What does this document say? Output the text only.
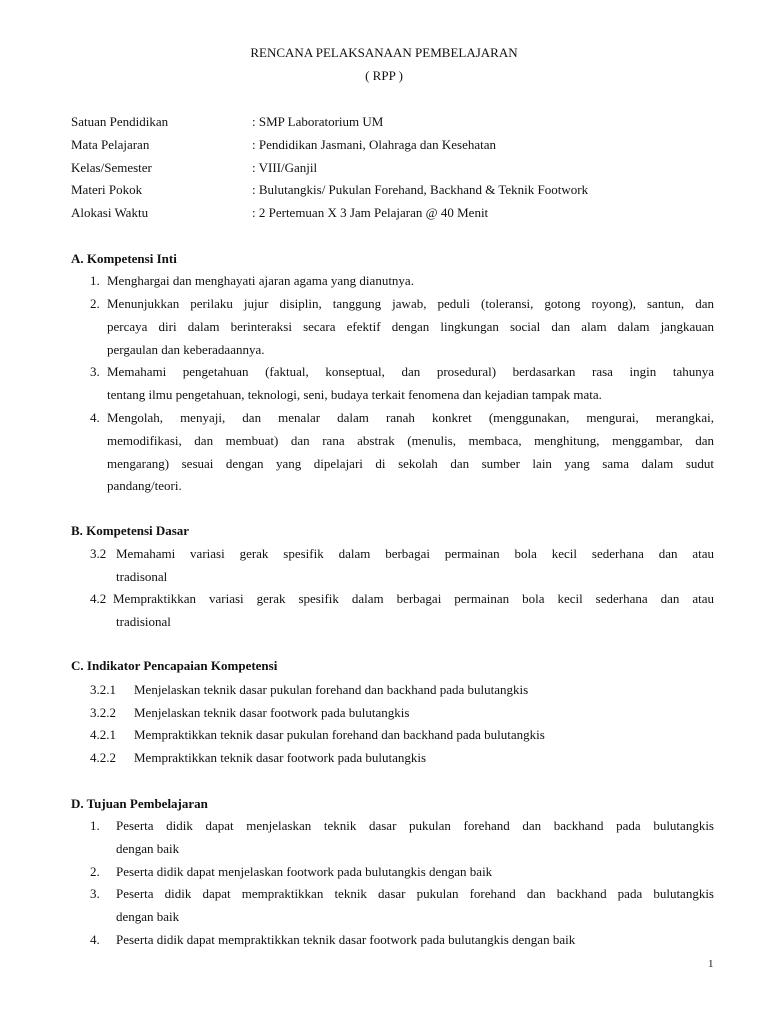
RENCANA PELAKSANAAN PEMBELAJARAN
( RPP )
Satuan Pendidikan	: SMP Laboratorium UM
Mata Pelajaran	: Pendidikan Jasmani, Olahraga dan Kesehatan
Kelas/Semester	: VIII/Ganjil
Materi Pokok	: Bulutangkis/ Pukulan Forehand, Backhand & Teknik Footwork
Alokasi Waktu	: 2 Pertemuan X 3 Jam Pelajaran @ 40 Menit
A. Kompetensi Inti
1. Menghargai dan menghayati ajaran agama yang dianutnya.
2. Menunjukkan perilaku jujur disiplin, tanggung jawab, peduli (toleransi, gotong royong), santun, dan
percaya diri dalam berinteraksi secara efektif dengan lingkungan social dan alam dalam jangkauan
pergaulan dan keberadaannya.
3. Memahami pengetahuan (faktual, konseptual, dan prosedural) berdasarkan rasa ingin tahunya
tentang ilmu pengetahuan, teknologi, seni, budaya terkait fenomena dan kejadian tampak mata.
4. Mengolah, menyaji, dan menalar dalam ranah konkret (menggunakan, mengurai, merangkai,
memodifikasi, dan membuat) dan rana abstrak (menulis, membaca, menghitung, menggambar, dan
mengarang) sesuai dengan yang dipelajari di sekolah dan sumber lain yang sama dalam sudut
pandang/teori.
B. Kompetensi Dasar
3.2 Memahami variasi gerak spesifik dalam berbagai permainan bola kecil sederhana dan atau
tradisonal
4.2 Mempraktikkan variasi gerak spesifik dalam berbagai permainan bola kecil sederhana dan atau
tradisional
C. Indikator Pencapaian Kompetensi
3.2.1 Menjelaskan teknik dasar pukulan forehand dan backhand pada bulutangkis
3.2.2 Menjelaskan teknik dasar footwork pada bulutangkis
4.2.1 Mempraktikkan teknik dasar pukulan forehand dan backhand pada bulutangkis
4.2.2 Mempraktikkan teknik dasar footwork pada bulutangkis
D. Tujuan Pembelajaran
1. Peserta didik dapat menjelaskan teknik dasar pukulan forehand dan backhand pada bulutangkis
dengan baik
2. Peserta didik dapat menjelaskan footwork pada bulutangkis dengan baik
3. Peserta didik dapat mempraktikkan teknik dasar pukulan forehand dan backhand pada bulutangkis
dengan baik
4. Peserta didik dapat mempraktikkan teknik dasar footwork pada bulutangkis dengan baik
1
